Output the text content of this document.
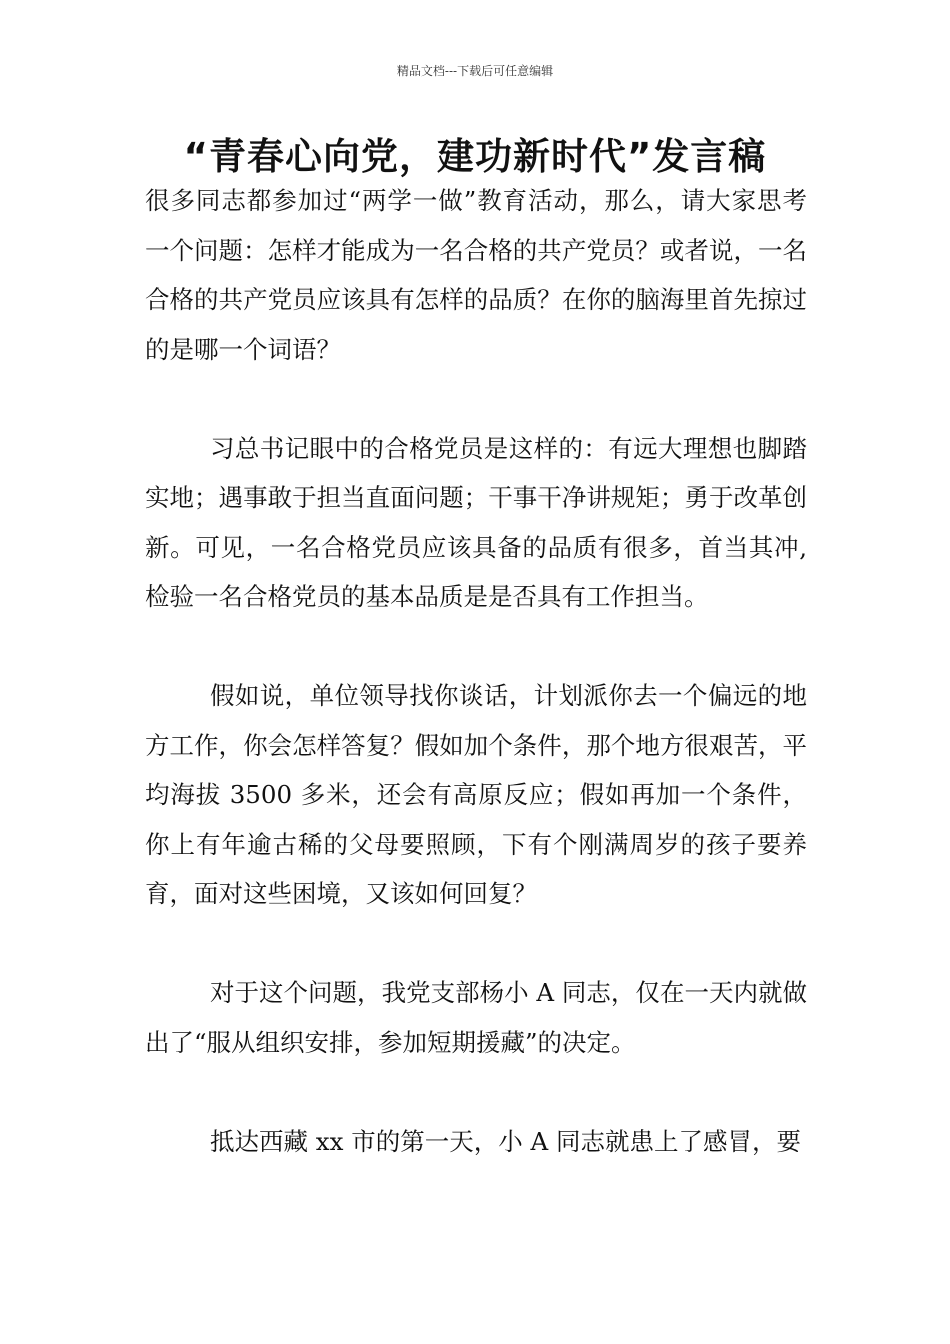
精品文档---下载后可任意编辑
“青春心向党，建功新时代”发言稿

很多同志都参加过“两学一做”教育活动，那么，请大家思考一个问题：怎样才能成为一名合格的共产党员？或者说，一名合格的共产党员应该具有怎样的品质？在你的脑海里首先掠过的是哪一个词语？

习总书记眼中的合格党员是这样的：有远大理想也脚踏实地；遇事敢于担当直面问题；干事干净讲规矩；勇于改革创新。可见，一名合格党员应该具备的品质有很多，首当其冲,检验一名合格党员的基本品质是是否具有工作担当。

假如说，单位领导找你谈话，计划派你去一个偏远的地方工作，你会怎样答复？假如加个条件，那个地方很艰苦，平均海拔 3500 多米，还会有高原反应；假如再加一个条件，你上有年逾古稀的父母要照顾，下有个刚满周岁的孩子要养育，面对这些困境，又该如何回复？

对于这个问题，我党支部杨小 A 同志，仅在一天内就做出了“服从组织安排，参加短期援藏”的决定。

抵达西藏 xx 市的第一天，小 A 同志就患上了感冒，要
